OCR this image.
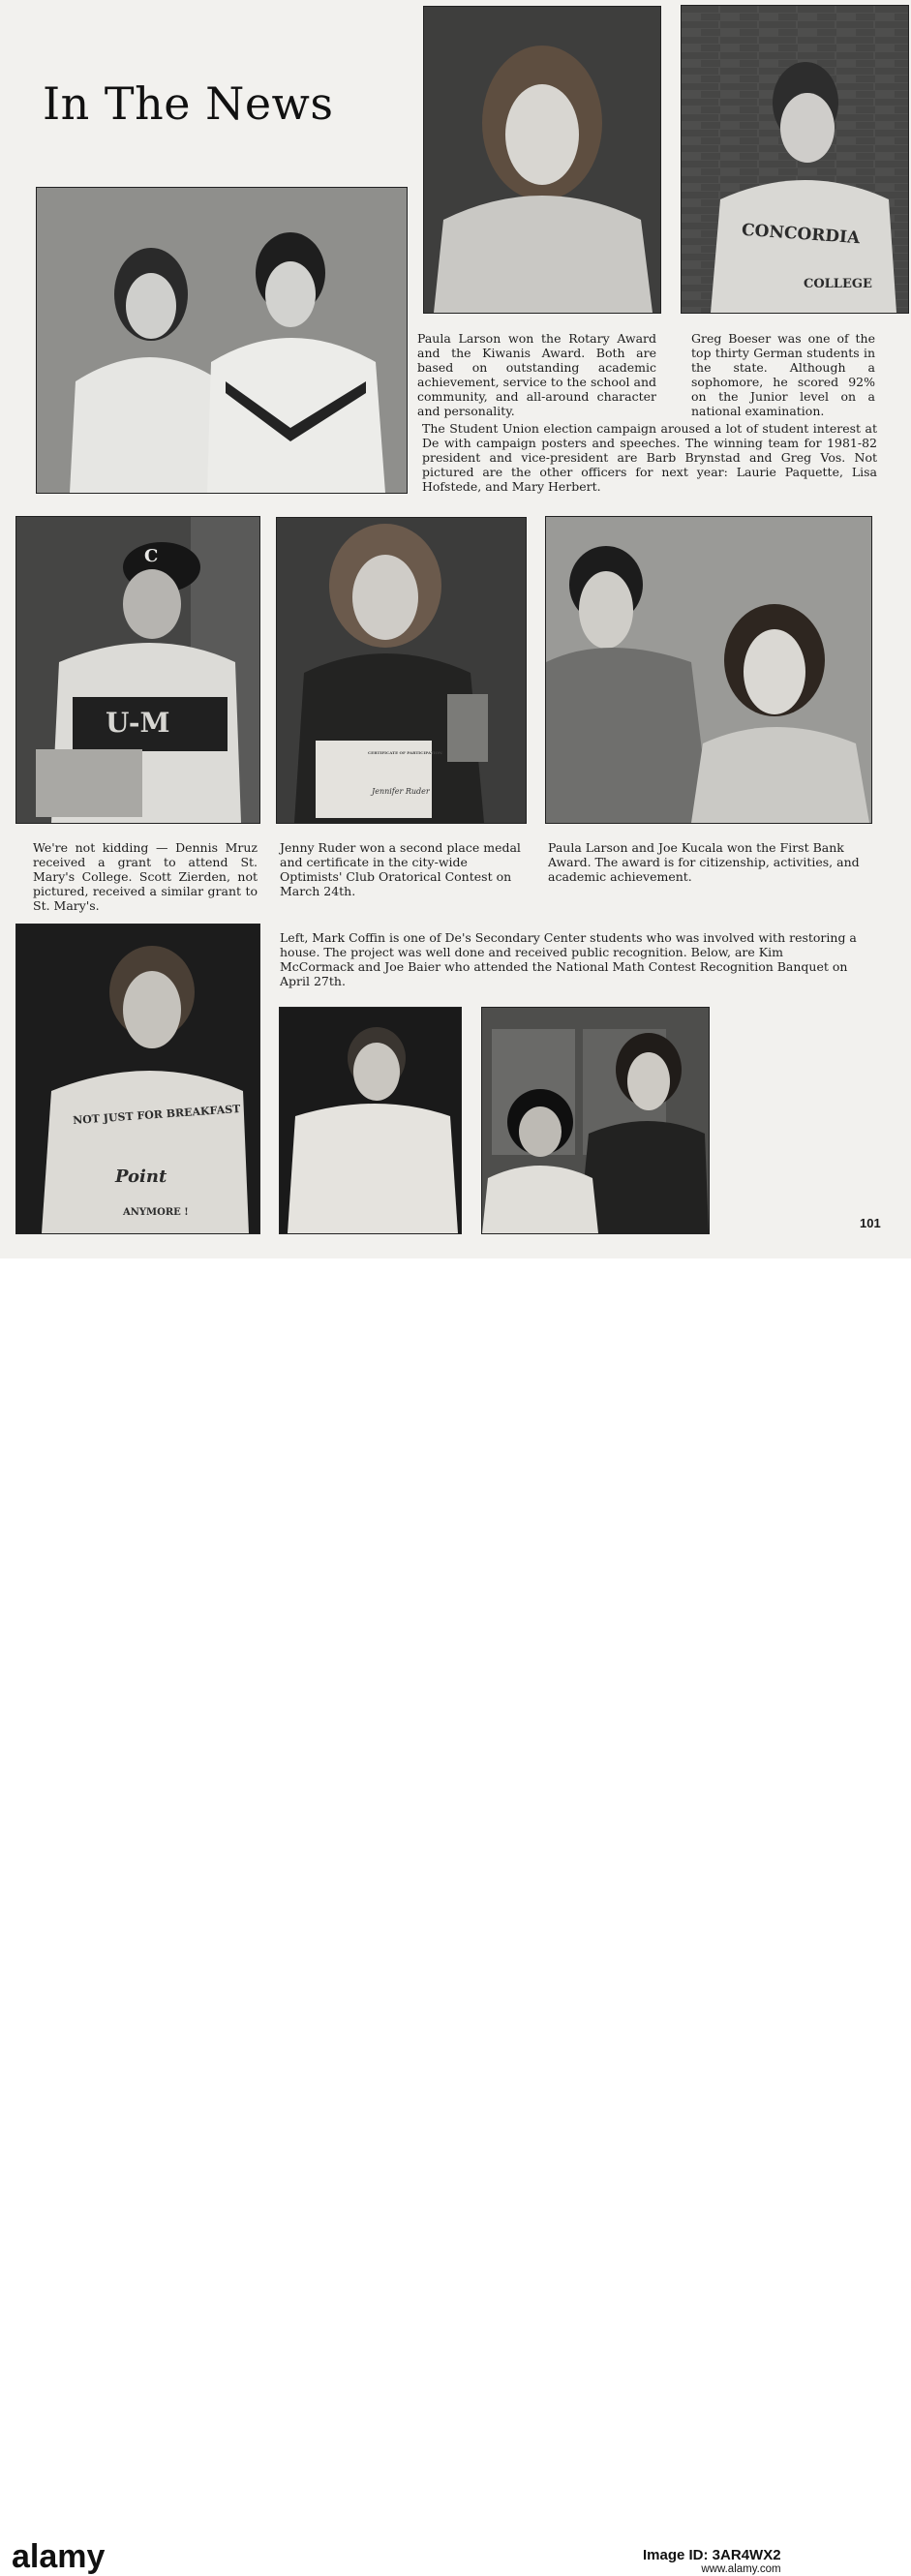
In The News
CONCORDIA
COLLEGE

Paula Larson won the Rotary Award and the Kiwanis Award. Both are based on outstanding academic achievement, service to the school and community, and all-around character and personality.

Greg Boeser was one of the top thirty German students in the state. Although a sophomore, he scored 92% on the Junior level on a national examination.

The Student Union election campaign aroused a lot of student interest at De with campaign posters and speeches. The winning team for 1981-82 president and vice-president are Barb Brynstad and Greg Vos. Not pictured are the other officers for next year: Laurie Paquette, Lisa Hofstede, and Mary Herbert.

C
U-M
CERTIFICATE OF PARTICIPATION
Jennifer Ruder

We're not kidding — Dennis Mruz received a grant to attend St. Mary's College. Scott Zierden, not pictured, received a similar grant to St. Mary's.

Jenny Ruder won a second place medal and certificate in the city-wide Optimists' Club Oratorical Contest on March 24th.

Paula Larson and Joe Kucala won the First Bank Award. The award is for citizenship, activities, and academic achievement.

NOT JUST FOR BREAKFAST
Point
ANYMORE !

Left, Mark Coffin is one of De's Secondary Center students who was involved with restoring a house. The project was well done and received public recognition. Below, are Kim McCormack and Joe Baier who attended the National Math Contest Recognition Banquet on April 27th.

101
alamy	Image ID: 3AR4WX2
www.alamy.com
